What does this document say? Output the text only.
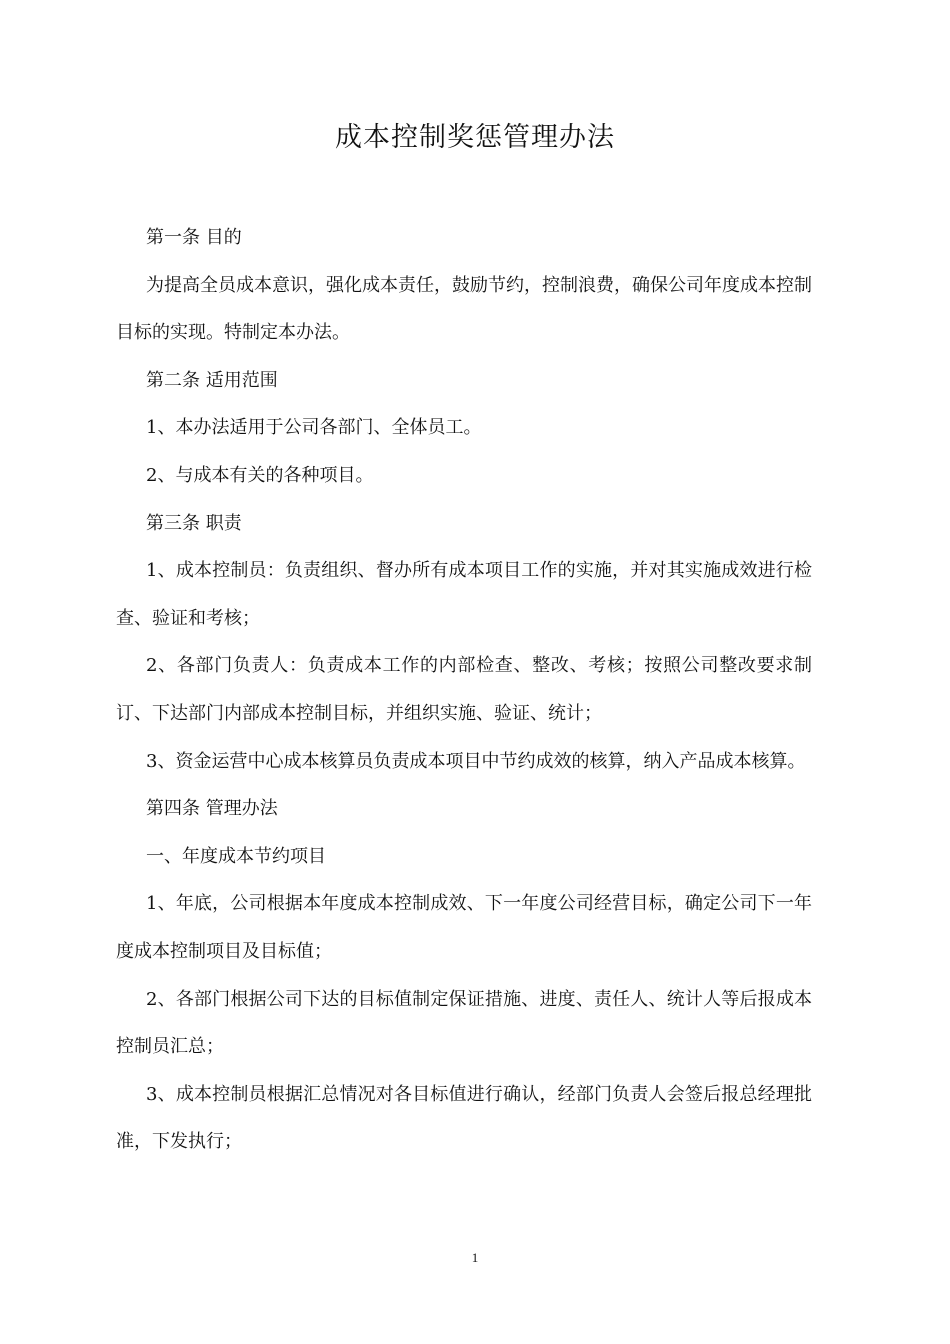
成本控制奖惩管理办法

第一条 目的

为提高全员成本意识，强化成本责任，鼓励节约，控制浪费，确保公司年度成本控制目标的实现。特制定本办法。

第二条 适用范围

1、本办法适用于公司各部门、全体员工。

2、与成本有关的各种项目。

第三条 职责

1、成本控制员：负责组织、督办所有成本项目工作的实施，并对其实施成效进行检查、验证和考核；

2、各部门负责人：负责成本工作的内部检查、整改、考核；按照公司整改要求制订、下达部门内部成本控制目标，并组织实施、验证、统计；

3、资金运营中心成本核算员负责成本项目中节约成效的核算，纳入产品成本核算。

第四条 管理办法

一、年度成本节约项目

1、年底，公司根据本年度成本控制成效、下一年度公司经营目标，确定公司下一年度成本控制项目及目标值；

2、各部门根据公司下达的目标值制定保证措施、进度、责任人、统计人等后报成本控制员汇总；

3、成本控制员根据汇总情况对各目标值进行确认，经部门负责人会签后报总经理批准，下发执行；

1
